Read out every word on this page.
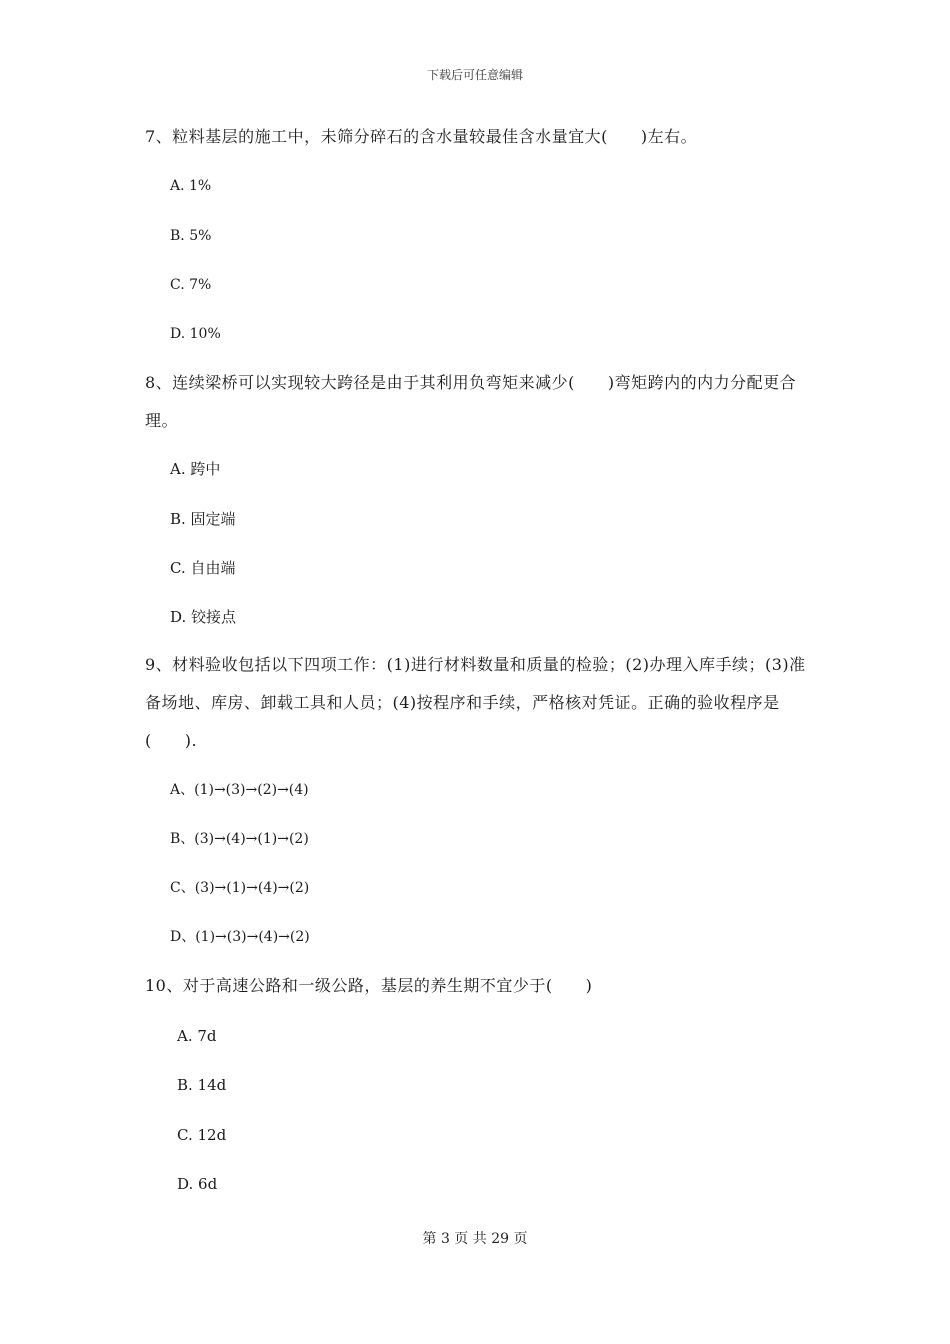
下载后可任意编辑
7、粒料基层的施工中，未筛分碎石的含水量较最佳含水量宜大(　　)左右。
A. 1%
B. 5%
C. 7%
D. 10%
8、连续梁桥可以实现较大跨径是由于其利用负弯矩来减少(　　)弯矩跨内的内力分配更合理。
A. 跨中
B. 固定端
C. 自由端
D. 铰接点
9、材料验收包括以下四项工作：(1)进行材料数量和质量的检验；(2)办理入库手续；(3)准备场地、库房、卸载工具和人员；(4)按程序和手续，严格核对凭证。正确的验收程序是(　　).
A、(1)→(3)→(2)→(4)
B、(3)→(4)→(1)→(2)
C、(3)→(1)→(4)→(2)
D、(1)→(3)→(4)→(2)
10、对于高速公路和一级公路，基层的养生期不宜少于(　　)
A. 7d
B. 14d
C. 12d
D. 6d
第 3 页 共 29 页
